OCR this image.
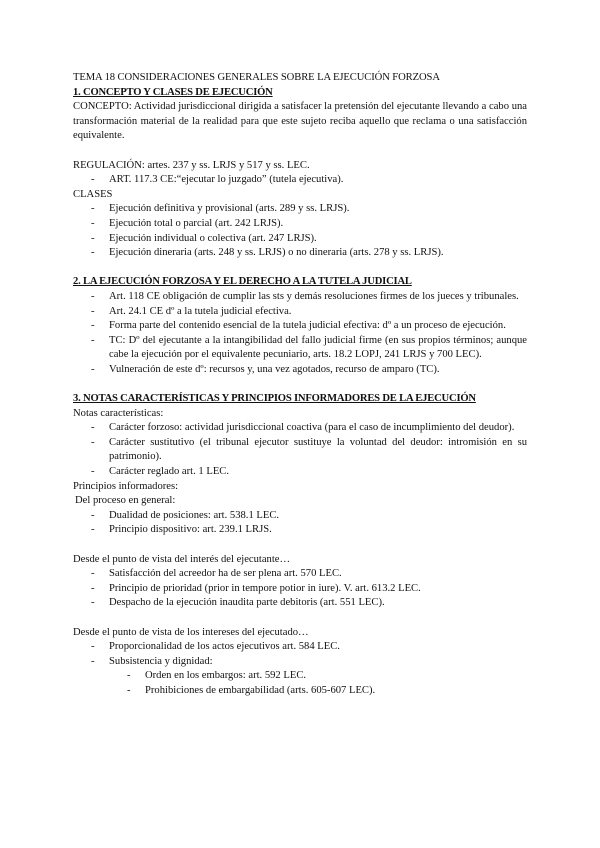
TEMA 18 CONSIDERACIONES GENERALES SOBRE LA EJECUCIÓN FORZOSA
1. CONCEPTO Y CLASES DE EJECUCIÓN
CONCEPTO: Actividad jurisdiccional dirigida a satisfacer la pretensión del ejecutante llevando a cabo una transformación material de la realidad para que este sujeto reciba aquello que reclama o una satisfacción equivalente.
REGULACIÓN: artes. 237 y ss. LRJS y 517 y ss. LEC.
- ART. 117.3 CE:“ejecutar lo juzgado” (tutela ejecutiva).
CLASES
- Ejecución definitiva y provisional (arts. 289 y ss. LRJS).
- Ejecución total o parcial (art. 242 LRJS).
- Ejecución individual o colectiva (art. 247 LRJS).
- Ejecución dineraria (arts. 248 y ss. LRJS) o no dineraria (arts. 278 y ss. LRJS).
2. LA EJECUCIÓN FORZOSA Y EL DERECHO A LA TUTELA JUDICIAL
- Art. 118 CE obligación de cumplir las sts y demás resoluciones firmes de los jueces y tribunales.
- Art. 24.1 CE dº a la tutela judicial efectiva.
- Forma parte del contenido esencial de la tutela judicial efectiva: dº a un proceso de ejecución.
- TC: Dº del ejecutante a la intangibilidad del fallo judicial firme (en sus propios términos; aunque cabe la ejecución por el equivalente pecuniario, arts. 18.2 LOPJ, 241 LRJS y 700 LEC).
- Vulneración de este dº: recursos y, una vez agotados, recurso de amparo (TC).
3. NOTAS CARACTERÍSTICAS Y PRINCIPIOS INFORMADORES DE LA EJECUCIÓN
Notas características:
- Carácter forzoso: actividad jurisdiccional coactiva (para el caso de incumplimiento del deudor).
- Carácter sustitutivo (el tribunal ejecutor sustituye la voluntad del deudor: intromisión en su patrimonio).
- Carácter reglado art. 1 LEC.
Principios informadores:
Del proceso en general:
- Dualidad de posiciones: art. 538.1 LEC.
- Principio dispositivo: art. 239.1 LRJS.
Desde el punto de vista del interés del ejecutante…
- Satisfacción del acreedor ha de ser plena art. 570 LEC.
- Principio de prioridad (prior in tempore potior in iure). V. art. 613.2 LEC.
- Despacho de la ejecución inaudita parte debitoris (art. 551 LEC).
Desde el punto de vista de los intereses del ejecutado…
- Proporcionalidad de los actos ejecutivos art. 584 LEC.
- Subsistencia y dignidad:
- Orden en los embargos: art. 592 LEC.
- Prohibiciones de embargabilidad (arts. 605-607 LEC).
